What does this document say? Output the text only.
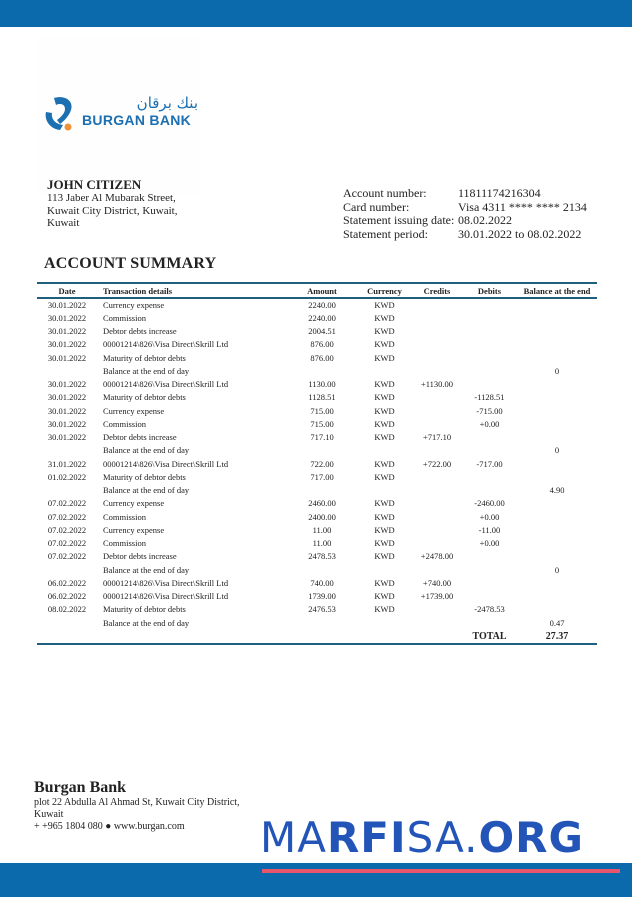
بنك برقان
BURGAN BANK
JOHN CITIZEN
113 Jaber Al Mubarak Street,
Kuwait City District, Kuwait,
Kuwait
Account number:	11811174216304
Card number:	Visa 4311 **** **** 2134
Statement issuing date: 08.02.2022
Statement period:	30.01.2022 to 08.02.2022
ACCOUNT SUMMARY
Date	Transaction details	Amount	Currency	Credits	Debits	Balance at the end
30.01.2022	Currency expense	2240.00	KWD			
30.01.2022	Commission	2240.00	KWD			
30.01.2022	Debtor debts increase	2004.51	KWD			
30.01.2022	00001214\826\Visa Direct\Skrill Ltd	876.00	KWD			
30.01.2022	Maturity of debtor debts	876.00	KWD			
	Balance at the end of day					0
30.01.2022	00001214\826\Visa Direct\Skrill Ltd	1130.00	KWD	+1130.00		
30.01.2022	Maturity of debtor debts	1128.51	KWD		-1128.51	
30.01.2022	Currency expense	715.00	KWD		-715.00	
30.01.2022	Commission	715.00	KWD		+0.00	
30.01.2022	Debtor debts increase	717.10	KWD	+717.10		
	Balance at the end of day					0
31.01.2022	00001214\826\Visa Direct\Skrill Ltd	722.00	KWD	+722.00	-717.00	
01.02.2022	Maturity of debtor debts	717.00	KWD			
	Balance at the end of day					4.90
07.02.2022	Currency expense	2460.00	KWD		-2460.00	
07.02.2022	Commission	2400.00	KWD		+0.00	
07.02.2022	Currency expense	11.00	KWD		-11.00	
07.02.2022	Commission	11.00	KWD		+0.00	
07.02.2022	Debtor debts increase	2478.53	KWD	+2478.00		
	Balance at the end of day					0
06.02.2022	00001214\826\Visa Direct\Skrill Ltd	740.00	KWD	+740.00		
06.02.2022	00001214\826\Visa Direct\Skrill Ltd	1739.00	KWD	+1739.00		
08.02.2022	Maturity of debtor debts	2476.53	KWD		-2478.53	
	Balance at the end of day					0.47
					TOTAL	27.37
Burgan Bank
plot 22 Abdulla Al Ahmad St, Kuwait City District,
Kuwait
+ +965 1804 080 ● www.burgan.com	MARFISA.ORG
